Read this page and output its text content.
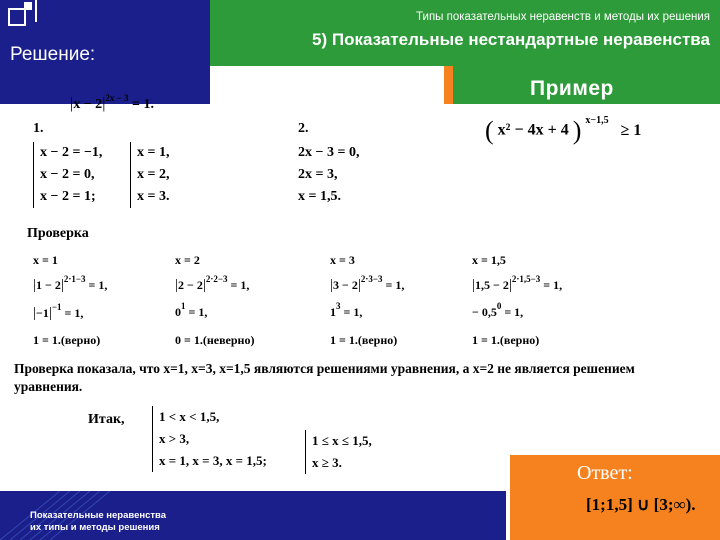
Типы показательных неравенств и методы их решения
5) Показательные нестандартные неравенства
Решение:
Пример
( x² − 4x + 4 ) $^{x-1,5}$ ≥ 1
$|x - 2|^{2x - 3} = 1$.
1.
x − 2 = −1,
x − 2 = 0,
x − 2 = 1;
x = 1,
x = 2,
x = 3.
2.
2x − 3 = 0,
2x = 3,
x = 1,5.
Проверка
x = 1
$|1 - 2|^{2\cdot 1-3} = 1$,
$|-1|^{-1} = 1$,
1 = 1.(верно)
x = 2
$|2 - 2|^{2\cdot 2-3} = 1$,
$0^1 = 1$,
0 = 1.(неверно)
x = 3
$|3 - 2|^{2\cdot 3-3} = 1$,
$1^3 = 1$,
1 = 1.(верно)
x = 1,5
$|1,5 - 2|^{2\cdot 1,5-3} = 1$,
− $0,5^0 = 1$,
1 = 1.(верно)
Проверка показала, что x=1, x=3, x=1,5 являются решениями уравнения, а x=2 не является решением уравнения.
Итак,	1 < x < 1,5,
x > 3,
x = 1, x = 3, x = 1,5;
1 ≤ x ≤ 1,5,
x ≥ 3.
Показательные неравенства
их типы и методы решения
Ответ:
[1;1,5] ∪ [3;∞).
